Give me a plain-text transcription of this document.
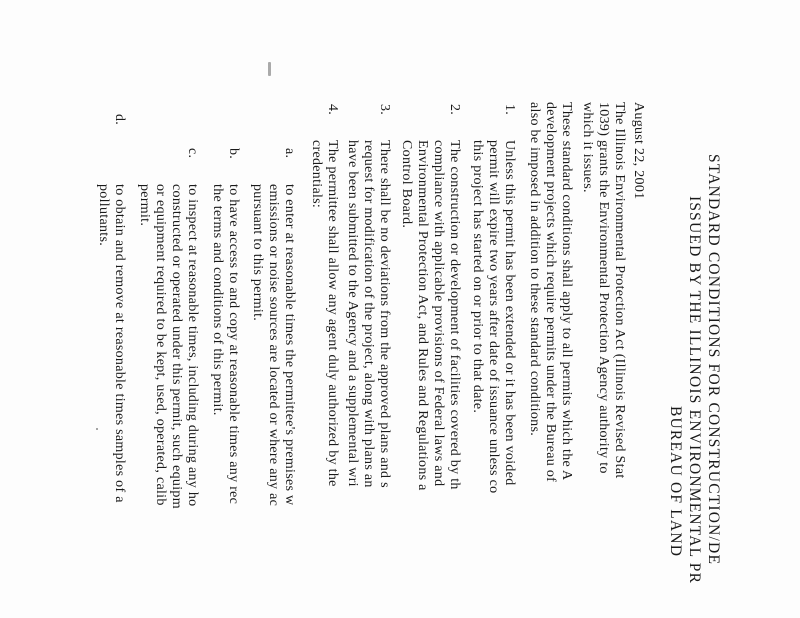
STANDARD CONDITIONS FOR CONSTRUCTION/DE
ISSUED BY THE ILLINOIS ENVIRONMENTAL PR
BUREAU OF LAND
August 22, 2001
The Illinois Environmental Protection Act (Illinois Revised Stat
1039) grants the Environmental Protection Agency authority to
which it issues.
These standard conditions shall apply to all permits which the A
development projects which require permits under the Bureau of
also be imposed in addition to these standard conditions.
1.
Unless this permit has been extended or it has been voided
permit will expire two years after date of issuance unless co
this project has started on or prior to that date.
2.
The construction or development of facilities covered by th
compliance with applicable provisions of Federal laws and
Environmental Protection Act, and Rules and Regulations a
Control Board.
3.
There shall be no deviations from the approved plans and s
request for modification of the project, along with plans an
have been submitted to the Agency and a supplemental wri
4.
The permittee shall allow any agent duly authorized by the
credentials:
a.
to enter at reasonable times the permittee's premises w
emissions or noise sources are located or where any ac
pursuant to this permit.
b.
to have access to and copy at reasonable times any rec
the terms and conditions of this permit.
c.
to inspect at reasonable times, including during any ho
constructed or operated under this permit, such equipm
or equipment required to be kept, used, operated, calib
permit.
d.
to obtain and remove at reasonable times samples of a
pollutants.
